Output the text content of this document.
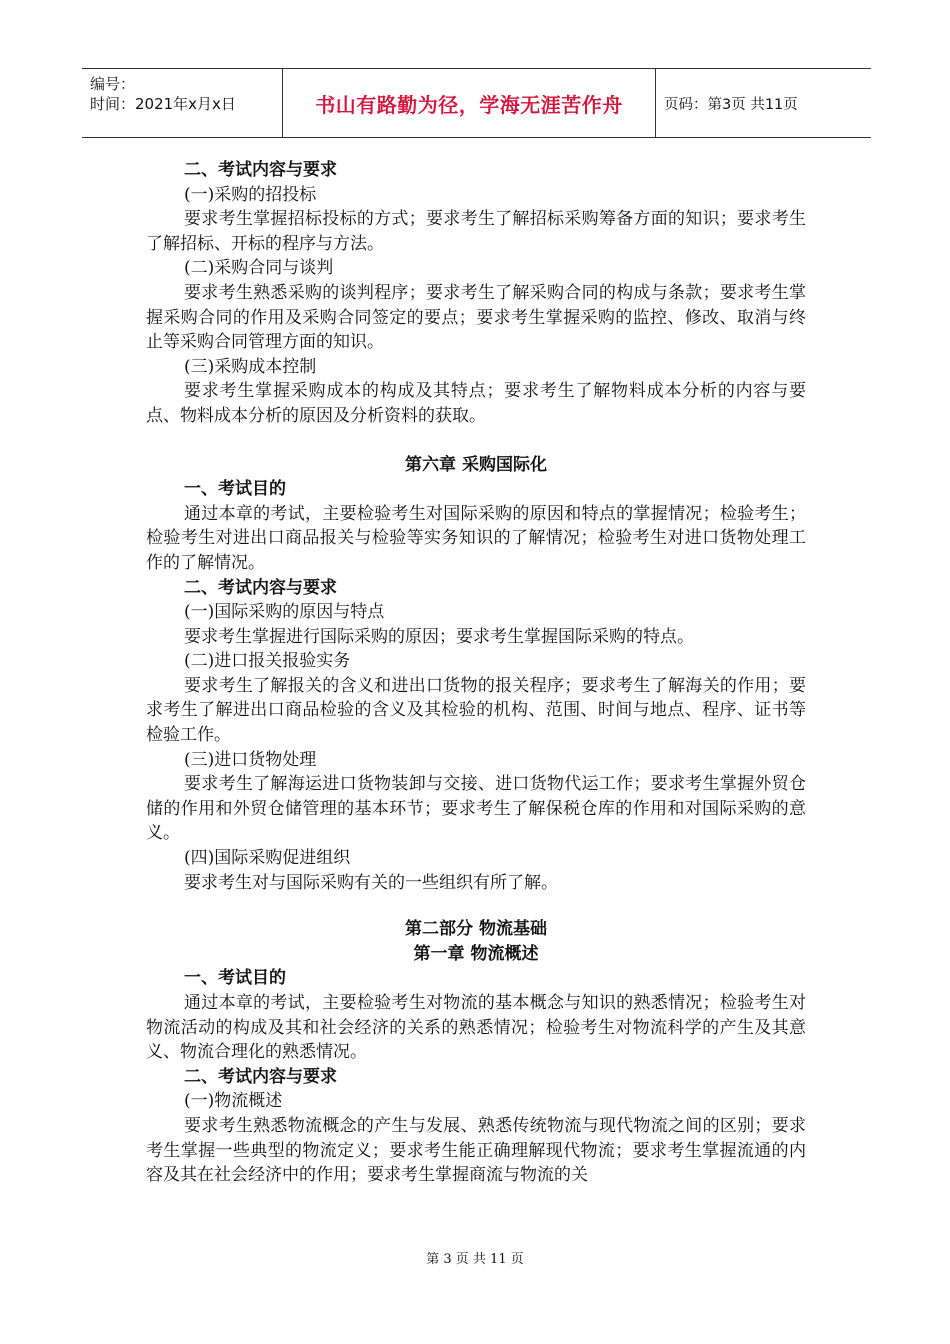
编号：
时间：2021年x月x日	书山有路勤为径，学海无涯苦作舟	页码：第3页 共11页

二、考试内容与要求

(一)采购的招投标

要求考生掌握招标投标的方式；要求考生了解招标采购筹备方面的知识；要求考生了解招标、开标的程序与方法。

(二)采购合同与谈判

要求考生熟悉采购的谈判程序；要求考生了解采购合同的构成与条款；要求考生掌握采购合同的作用及采购合同签定的要点；要求考生掌握采购的监控、修改、取消与终止等采购合同管理方面的知识。

(三)采购成本控制

要求考生掌握采购成本的构成及其特点；要求考生了解物料成本分析的内容与要点、物料成本分析的原因及分析资料的获取。

第六章 采购国际化

一、考试目的

通过本章的考试，主要检验考生对国际采购的原因和特点的掌握情况；检验考生；检验考生对进出口商品报关与检验等实务知识的了解情况；检验考生对进口货物处理工作的了解情况。

二、考试内容与要求

(一)国际采购的原因与特点

要求考生掌握进行国际采购的原因；要求考生掌握国际采购的特点。

(二)进口报关报验实务

要求考生了解报关的含义和进出口货物的报关程序；要求考生了解海关的作用；要求考生了解进出口商品检验的含义及其检验的机构、范围、时间与地点、程序、证书等检验工作。

(三)进口货物处理

要求考生了解海运进口货物装卸与交接、进口货物代运工作；要求考生掌握外贸仓储的作用和外贸仓储管理的基本环节；要求考生了解保税仓库的作用和对国际采购的意义。

(四)国际采购促进组织

要求考生对与国际采购有关的一些组织有所了解。

第二部分 物流基础

第一章 物流概述

一、考试目的

通过本章的考试，主要检验考生对物流的基本概念与知识的熟悉情况；检验考生对物流活动的构成及其和社会经济的关系的熟悉情况；检验考生对物流科学的产生及其意义、物流合理化的熟悉情况。

二、考试内容与要求

(一)物流概述

要求考生熟悉物流概念的产生与发展、熟悉传统物流与现代物流之间的区别；要求考生掌握一些典型的物流定义；要求考生能正确理解现代物流；要求考生掌握流通的内容及其在社会经济中的作用；要求考生掌握商流与物流的关

第 3 页 共 11 页
